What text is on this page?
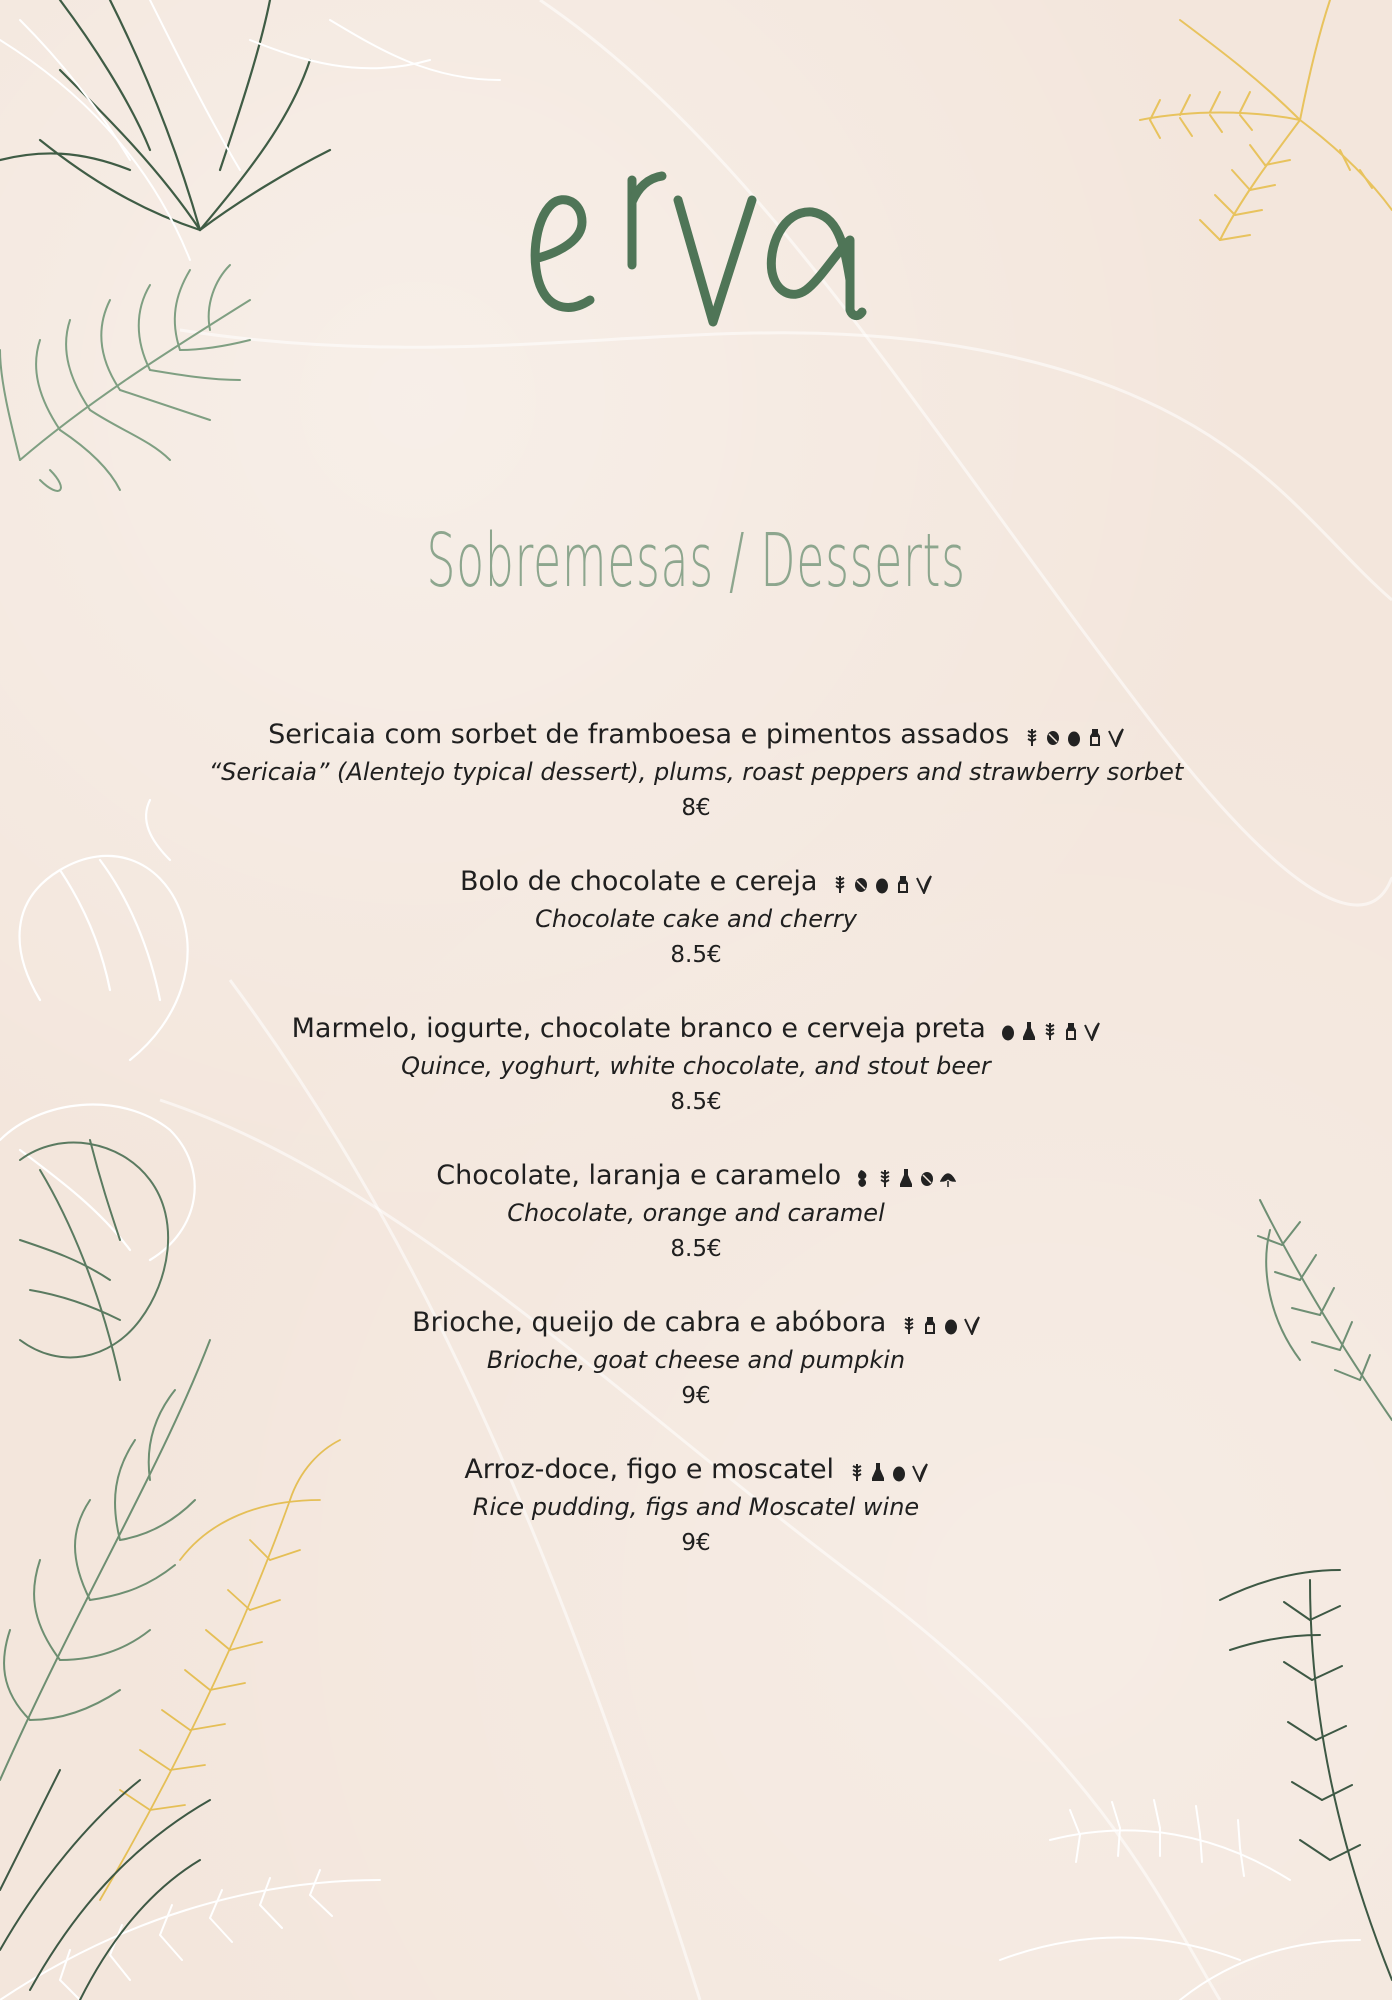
Sobremesas / Desserts
Sericaia com sorbet de framboesa e pimentos assados
“Sericaia” (Alentejo typical dessert), plums, roast peppers and strawberry sorbet
8€
Bolo de chocolate e cereja
Chocolate cake and cherry
8.5€
Marmelo, iogurte, chocolate branco e cerveja preta
Quince, yoghurt, white chocolate, and stout beer
8.5€
Chocolate, laranja e caramelo
Chocolate, orange and caramel
8.5€
Brioche, queijo de cabra e abóbora
Brioche, goat cheese and pumpkin
9€
Arroz-doce, figo e moscatel
Rice pudding, figs and Moscatel wine
9€
